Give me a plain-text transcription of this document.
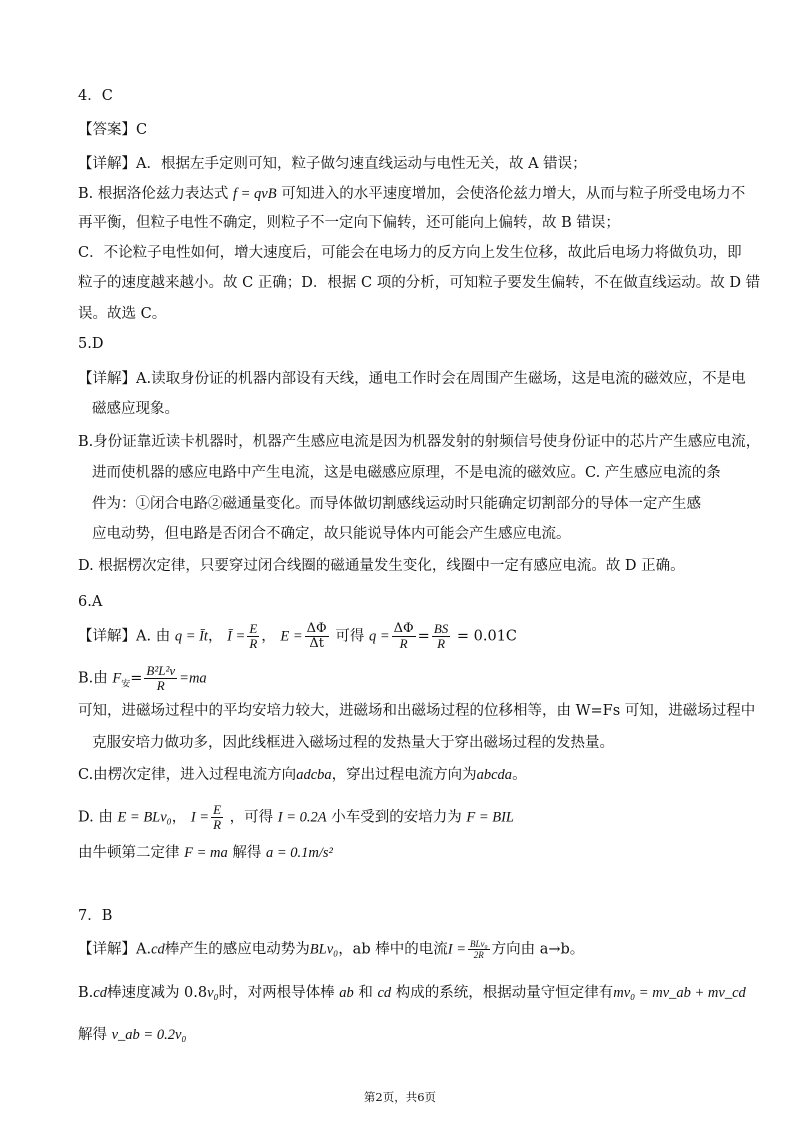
4．C
【答案】C
【详解】A．根据左手定则可知，粒子做匀速直线运动与电性无关，故 A 错误；
B. 根据洛伦兹力表达式 f = qvB 可知进入的水平速度增加，会使洛伦兹力增大，从而与粒子所受电场力不
再平衡，但粒子电性不确定，则粒子不一定向下偏转，还可能向上偏转，故 B 错误；
C．不论粒子电性如何，增大速度后，可能会在电场力的反方向上发生位移，故此后电场力将做负功，即
粒子的速度越来越小。故 C 正确；D．根据 C 项的分析，可知粒子要发生偏转，不在做直线运动。故 D 错
误。故选 C。
5.D
【详解】A.读取身份证的机器内部设有天线，通电工作时会在周围产生磁场，这是电流的磁效应，不是电
磁感应现象。
B.身份证靠近读卡机器时，机器产生感应电流是因为机器发射的射频信号使身份证中的芯片产生感应电流，
进而使机器的感应电路中产生电流，这是电磁感应原理，不是电流的磁效应。C. 产生感应电流的条
件为：①闭合电路②磁通量变化。而导体做切割感线运动时只能确定切割部分的导体一定产生感
应电动势，但电路是否闭合不确定，故只能说导体内可能会产生感应电流。
D. 根据楞次定律，只要穿过闭合线圈的磁通量发生变化，线圈中一定有感应电流。故 D 正确。
6.A
【详解】A. 由 q = Īt， Ī = $\frac{E}{R}$ ， $E = \frac{\Delta\Phi}{\Delta t}$ 可得 $q = \frac{\Delta\Phi}{R} = \frac{BS}{R} = 0.01C$
B.由 $F_安= \frac{\text{B²L²v}}{R} =ma$
可知，进磁场过程中的平均安培力较大，进磁场和出磁场过程的位移相等，由 W=Fs 可知，进磁场过程中
克服安培力做功多，因此线框进入磁场过程的发热量大于穿出磁场过程的发热量。
C.由楞次定律，进入过程电流方向adcba，穿出过程电流方向为abcda。
D. 由 E = BLv₀， $I = \frac{E}{R}$ ，可得 I = 0.2A 小车受到的安培力为 F = BIL
由牛顿第二定律 F = ma 解得 a = 0.1m/s²
7．B
【详解】A.cd棒产生的感应电动势为BLv₀，ab 棒中的电流$I = \frac{\text{BLv₀}}{2R}$ 方向由 a→b。
B.cd棒速度减为 0.8v₀时，对两根导体棒 ab 和 cd 构成的系统，根据动量守恒定律有mv₀ = mv_ab + mv_cd
解得 v_ab = 0.2v₀
第2页，共6页
